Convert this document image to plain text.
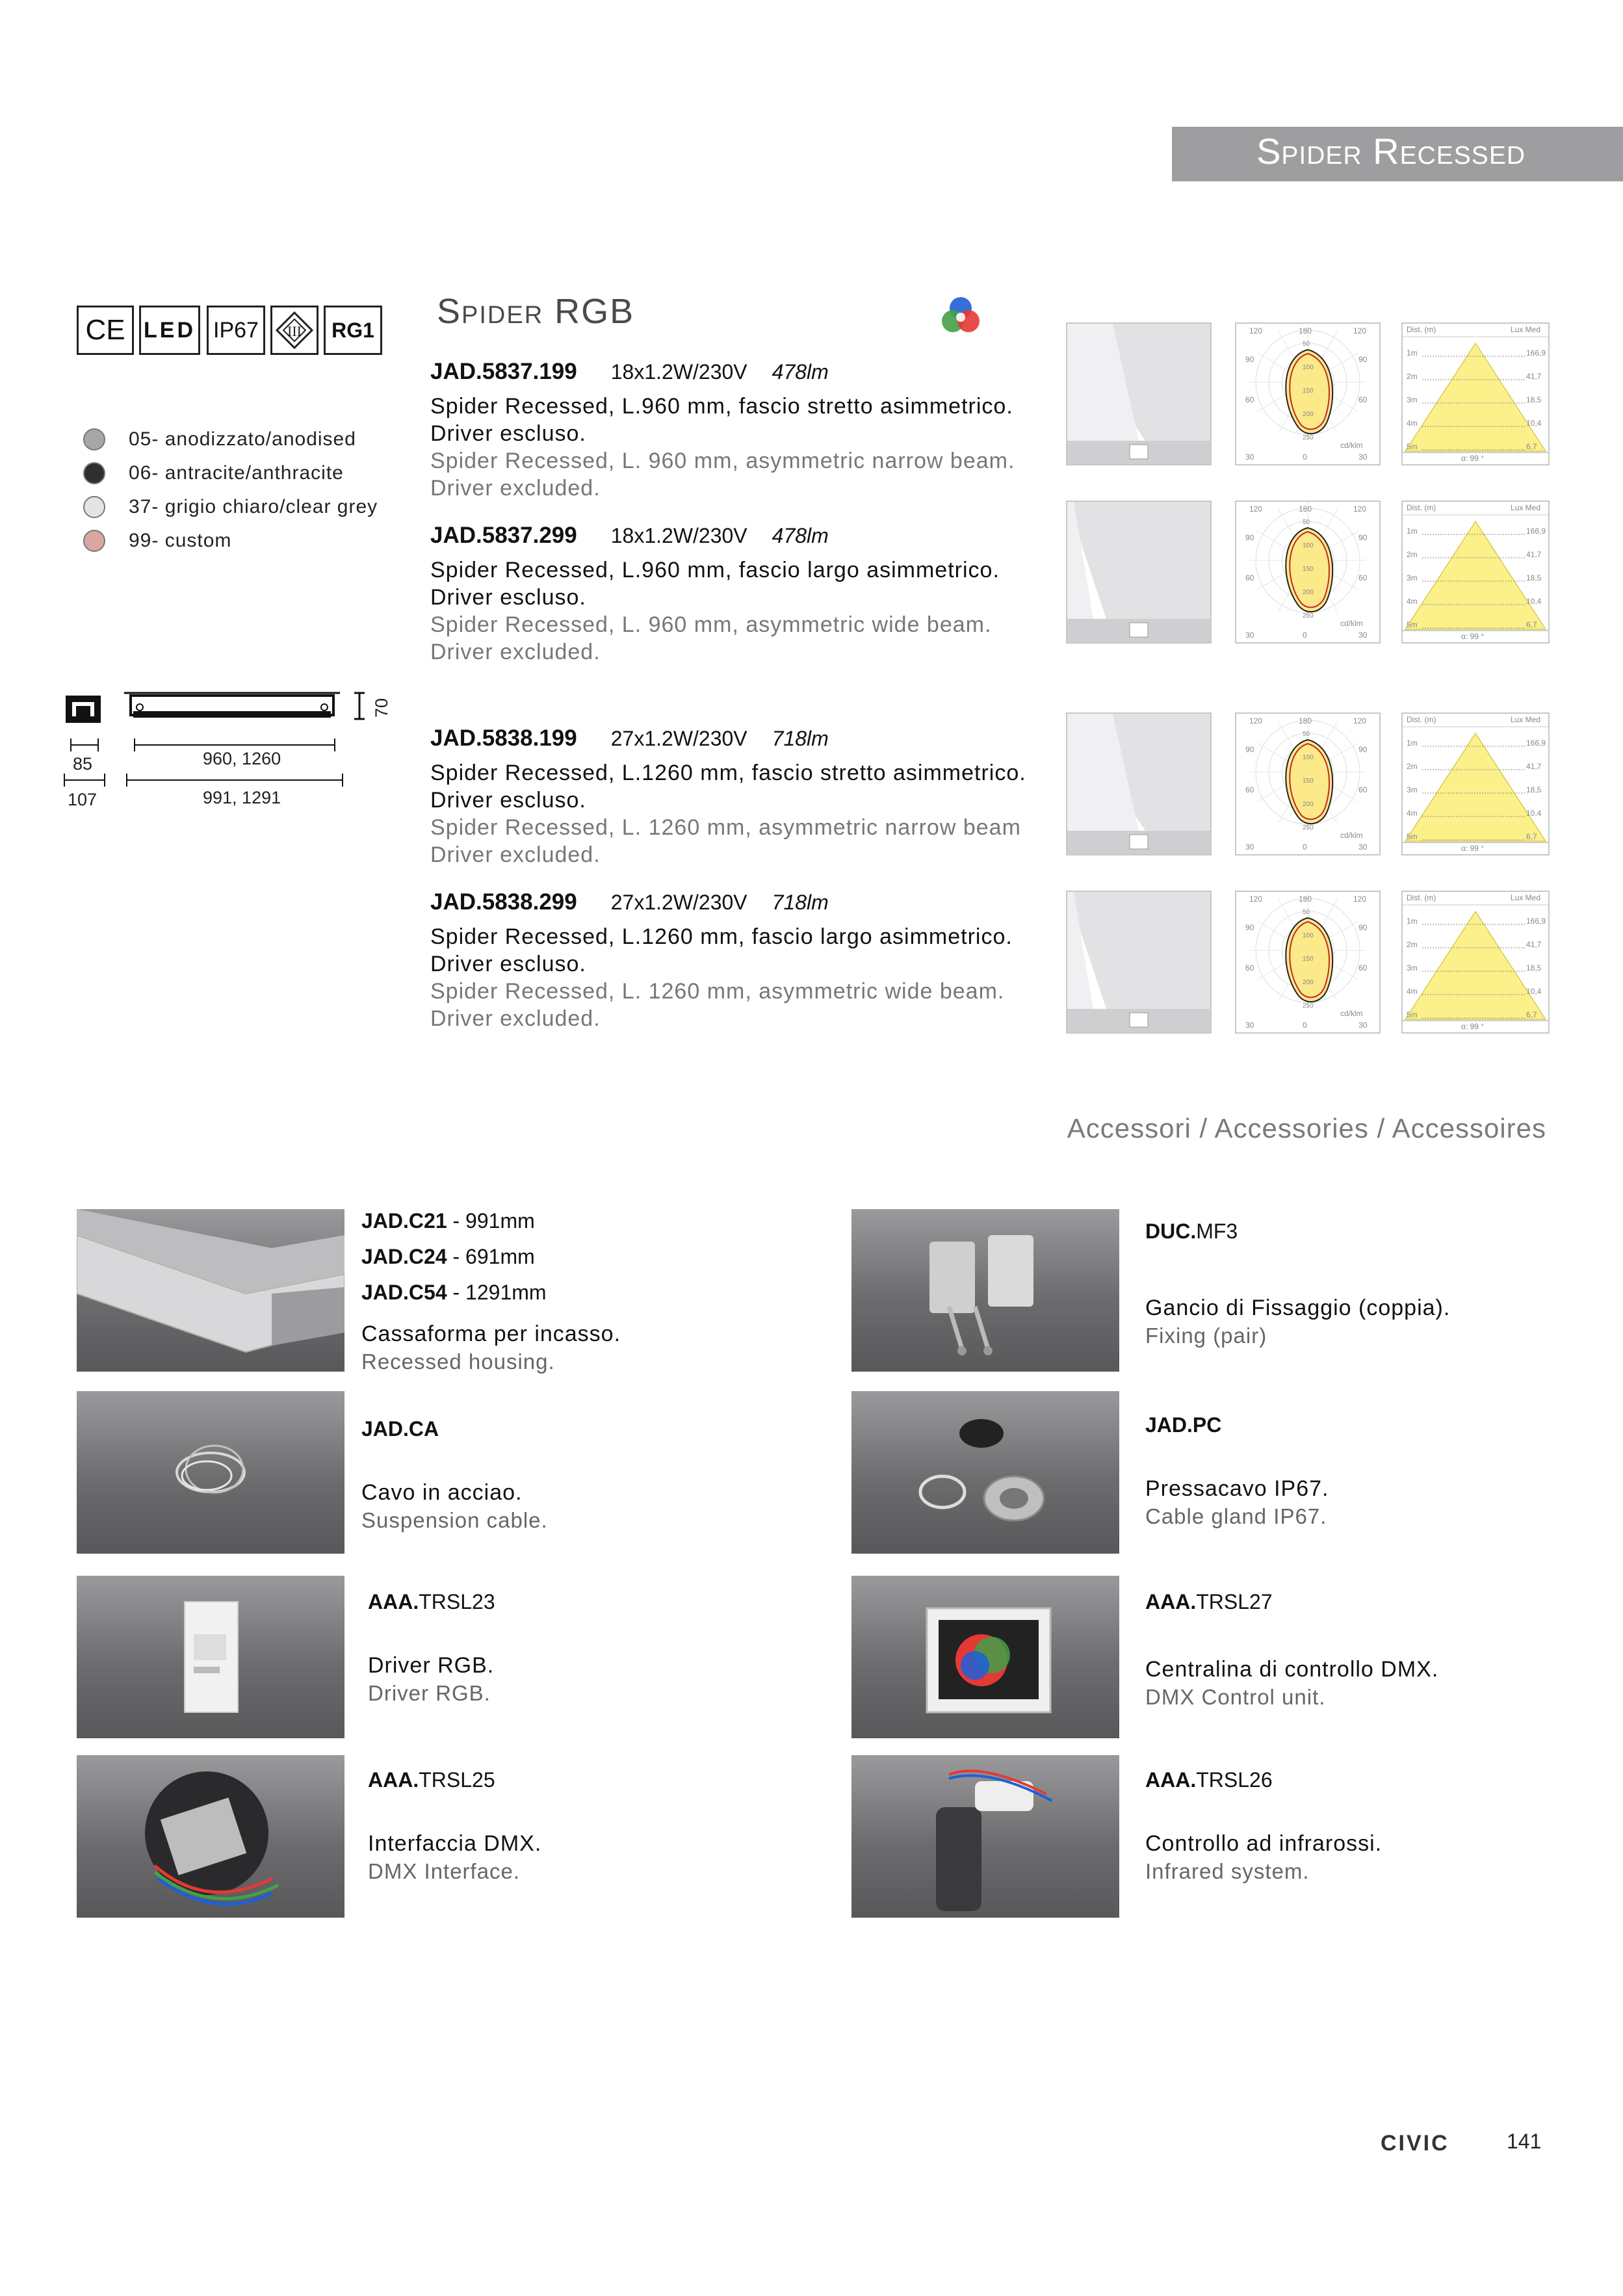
Spider Recessed
CE LED IP67 III RG1
05- anodizzato/anodised
06- antracite/anthracite
37- grigio chiaro/clear grey
99- custom
70
85
107
960, 1260
991, 1291
Spider RGB
JAD.5837.199 18x1.2W/230V 478lm
Spider Recessed, L.960 mm, fascio stretto asimmetrico.
Driver escluso.
Spider Recessed, L. 960 mm, asymmetric narrow beam.
Driver excluded.
JAD.5837.299 18x1.2W/230V 478lm
Spider Recessed, L.960 mm, fascio largo asimmetrico.
Driver escluso.
Spider Recessed, L. 960 mm, asymmetric wide beam.
Driver excluded.
JAD.5838.199 27x1.2W/230V 718lm
Spider Recessed, L.1260 mm, fascio stretto asimmetrico.
Driver escluso.
Spider Recessed, L. 1260 mm, asymmetric narrow beam
Driver excluded.
JAD.5838.299 27x1.2W/230V 718lm
Spider Recessed, L.1260 mm, fascio largo asimmetrico.
Driver escluso.
Spider Recessed, L. 1260 mm, asymmetric wide beam.
Driver excluded.
120	180	120
90	90
60	60
30	0	30
50
100
150
200
250
cd/klm
Dist. (m)	Lux Med
1m	166,9
2m	41,7
3m	18,5
4m	10,4
5m	6,7
α: 99 °
120	180	120
90	90
60	60
30	0	30
50
100
150
200
250
cd/klm
Dist. (m)	Lux Med
1m	166,9
2m	41,7
3m	18,5
4m	10,4
5m	6,7
α: 99 °
120	180	120
90	90
60	60
30	0	30
50
100
150
200
250
cd/klm
Dist. (m)	Lux Med
1m	166,9
2m	41,7
3m	18,5
4m	10,4
5m	6,7
α: 99 °
120	180	120
90	90
60	60
30	0	30
50
100
150
200
250
cd/klm
Dist. (m)	Lux Med
1m	166,9
2m	41,7
3m	18,5
4m	10,4
5m	6,7
α: 99 °
Accessori / Accessories / Accessoires
JAD.C21 - 991mm
JAD.C24 - 691mm
JAD.C54 - 1291mm
Cassaforma per incasso.
Recessed housing.
JAD.CA
Cavo in acciao.
Suspension cable.
AAA.TRSL23
Driver RGB.
Driver RGB.
AAA.TRSL25
Interfaccia DMX.
DMX Interface.
DUC.MF3
Gancio di Fissaggio (coppia).
Fixing (pair)
JAD.PC
Pressacavo IP67.
Cable gland IP67.
AAA.TRSL27
Centralina di controllo DMX.
DMX Control unit.
AAA.TRSL26
Controllo ad infrarossi.
Infrared system.
CIVIC	141
